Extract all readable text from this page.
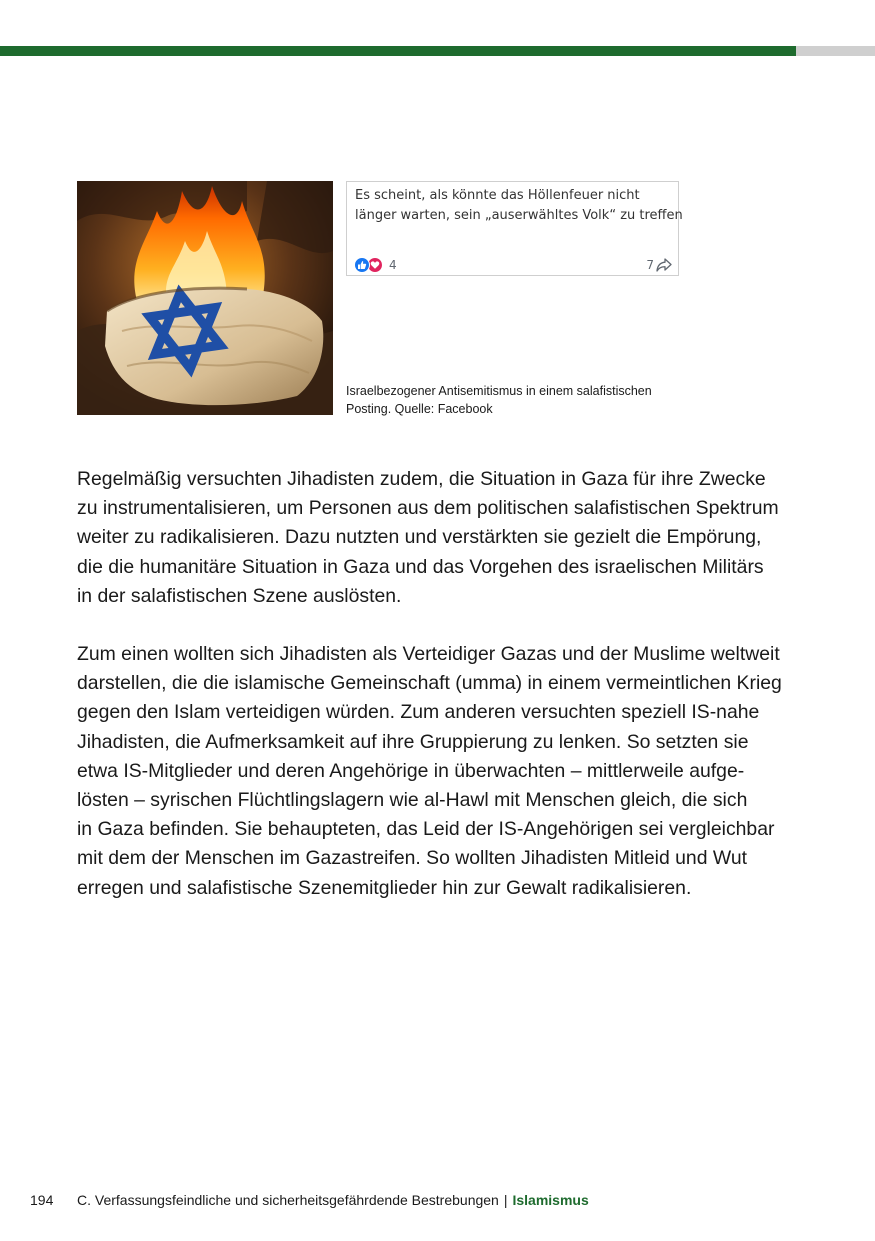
Es scheint, als könnte das Höllenfeuer nicht
länger warten, sein „auserwähltes Volk“ zu treffen
4	7
Israelbezogener Antisemitismus in einem salafistischen
Posting. Quelle: Facebook
Regelmäßig versuchten Jihadisten zudem, die Situation in Gaza für ihre Zwecke
zu instrumentalisieren, um Personen aus dem politischen salafistischen Spektrum
weiter zu radikalisieren. Dazu nutzten und verstärkten sie gezielt die Empörung,
die die humanitäre Situation in Gaza und das Vorgehen des israelischen Militärs
in der salafistischen Szene auslösten.
Zum einen wollten sich Jihadisten als Verteidiger Gazas und der Muslime weltweit
darstellen, die die islamische Gemeinschaft (umma) in einem vermeintlichen Krieg
gegen den Islam verteidigen würden. Zum anderen versuchten speziell IS-nahe
Jihadisten, die Aufmerksamkeit auf ihre Gruppierung zu lenken. So setzten sie
etwa IS-Mitglieder und deren Angehörige in überwachten – mittlerweile aufge-
lösten – syrischen Flüchtlingslagern wie al-Hawl mit Menschen gleich, die sich
in Gaza befinden. Sie behaupteten, das Leid der IS-Angehörigen sei vergleichbar
mit dem der Menschen im Gazastreifen. So wollten Jihadisten Mitleid und Wut
erregen und salafistische Szenemitglieder hin zur Gewalt radikalisieren.
194	C. Verfassungsfeindliche und sicherheitsgefährdende Bestrebungen | Islamismus
